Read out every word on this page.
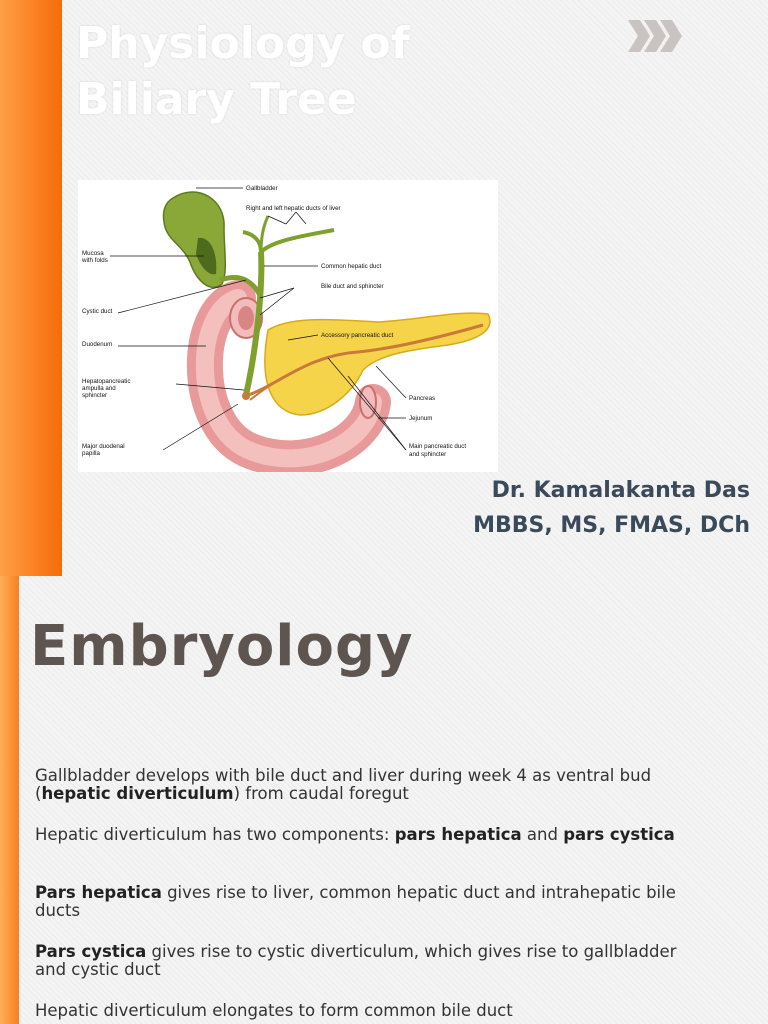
Physiology of
Biliary Tree
Gallbladder
Right and left hepatic ducts of liver
Mucosa
with folds
Common hepatic duct
Bile duct and sphincter
Cystic duct
Accessory pancreatic duct
Duodenum
Hepatopancreatic
ampulla and
sphincter	Pancreas
Jejunum
Major duodenal
papilla
Main pancreatic duct
and sphincter

Dr. Kamalakanta Das

MBBS, MS, FMAS, DCh

Embryology

Gallbladder develops with bile duct and liver during week 4 as ventral bud (hepatic diverticulum) from caudal foregut

Hepatic diverticulum has two components: pars hepatica and pars cystica

Pars hepatica gives rise to liver, common hepatic duct and intrahepatic bile ducts

Pars cystica gives rise to cystic diverticulum, which gives rise to gallbladder and cystic duct

Hepatic diverticulum elongates to form common bile duct
